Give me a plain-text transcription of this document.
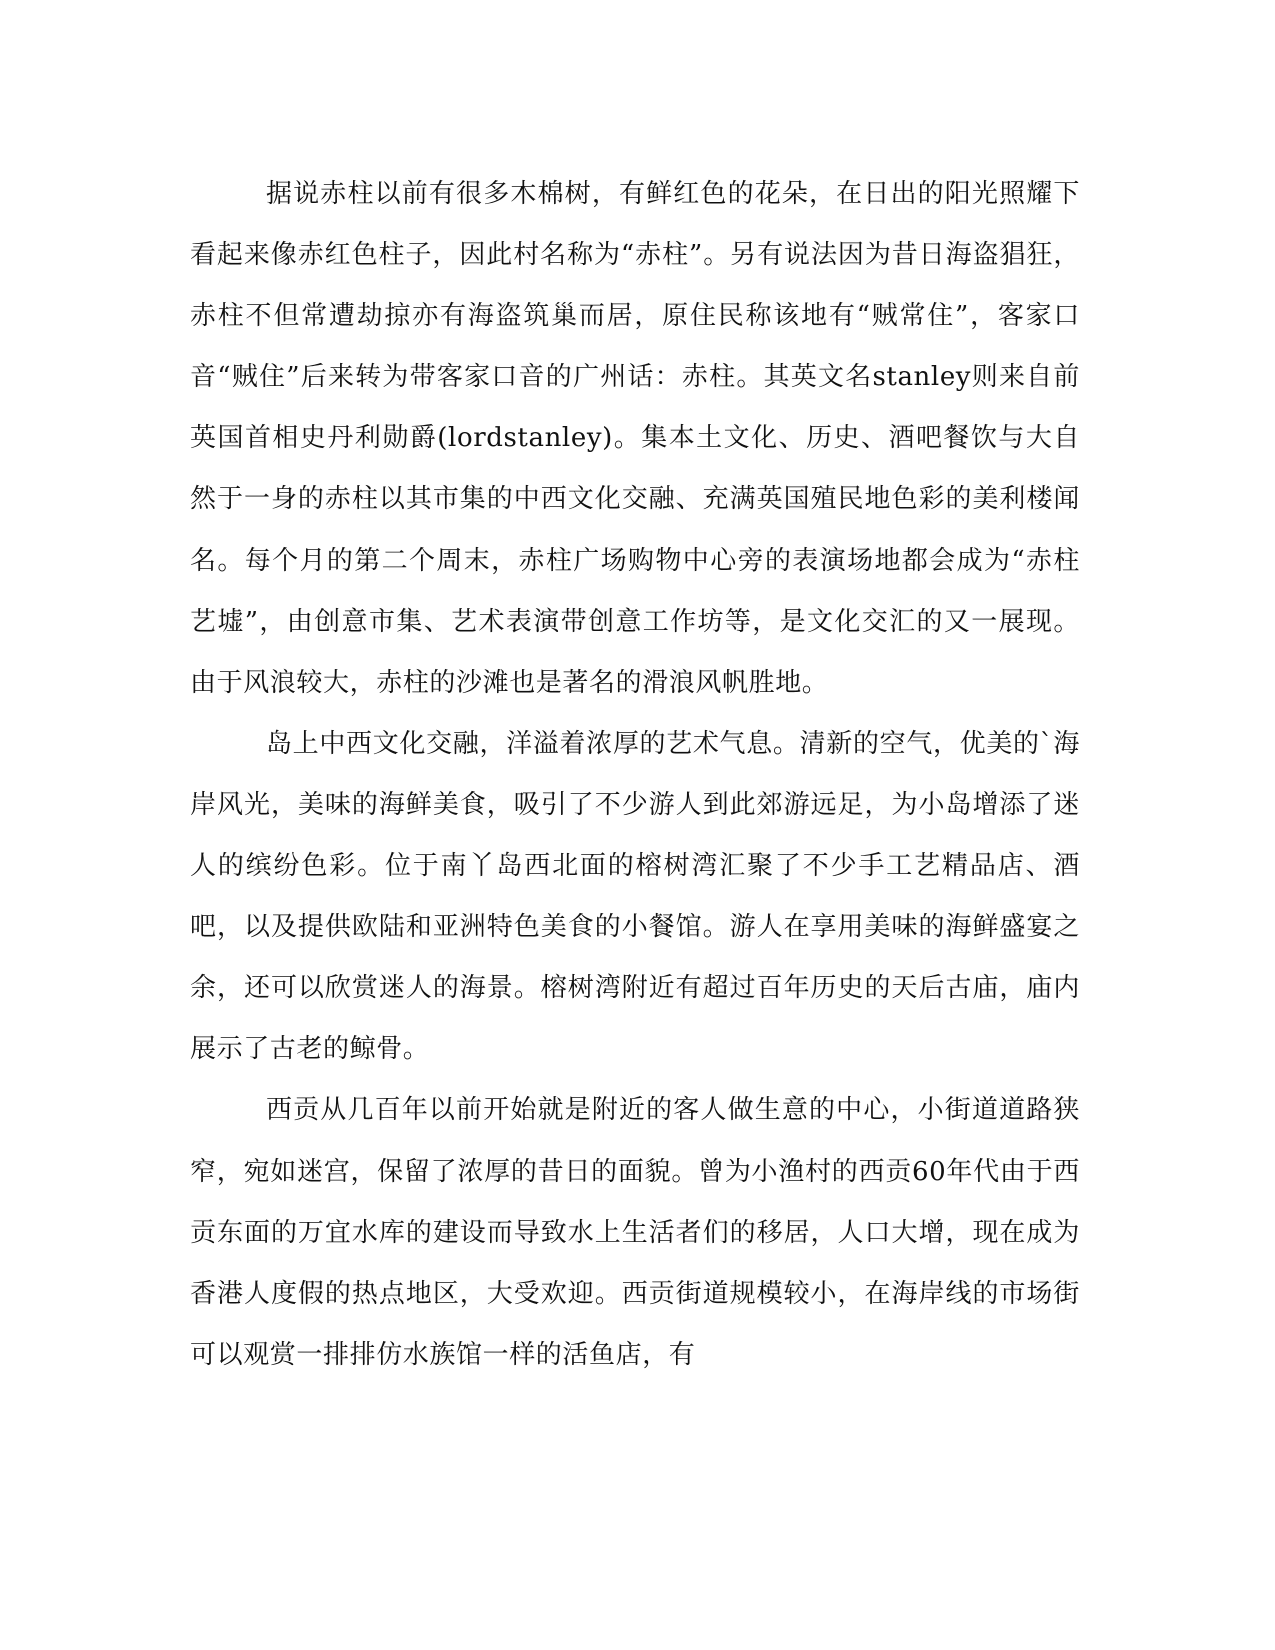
据说赤柱以前有很多木棉树，有鲜红色的花朵，在日出的阳光照耀下看起来像赤红色柱子，因此村名称为“赤柱”。另有说法因为昔日海盗猖狂，赤柱不但常遭劫掠亦有海盗筑巢而居，原住民称该地有“贼常住”，客家口音“贼住”后来转为带客家口音的广州话：赤柱。其英文名stanley则来自前英国首相史丹利勋爵(lordstanley)。集本土文化、历史、酒吧餐饮与大自然于一身的赤柱以其市集的中西文化交融、充满英国殖民地色彩的美利楼闻名。每个月的第二个周末，赤柱广场购物中心旁的表演场地都会成为“赤柱艺墟”，由创意市集、艺术表演带创意工作坊等，是文化交汇的又一展现。由于风浪较大，赤柱的沙滩也是著名的滑浪风帆胜地。

岛上中西文化交融，洋溢着浓厚的艺术气息。清新的空气，优美的`海岸风光，美味的海鲜美食，吸引了不少游人到此郊游远足，为小岛增添了迷人的缤纷色彩。位于南丫岛西北面的榕树湾汇聚了不少手工艺精品店、酒吧，以及提供欧陆和亚洲特色美食的小餐馆。游人在享用美味的海鲜盛宴之余，还可以欣赏迷人的海景。榕树湾附近有超过百年历史的天后古庙，庙内展示了古老的鲸骨。

西贡从几百年以前开始就是附近的客人做生意的中心，小街道道路狭窄，宛如迷宫，保留了浓厚的昔日的面貌。曾为小渔村的西贡60年代由于西贡东面的万宜水库的建设而导致水上生活者们的移居，人口大增，现在成为香港人度假的热点地区，大受欢迎。西贡街道规模较小，在海岸线的市场街可以观赏一排排仿水族馆一样的活鱼店，有
